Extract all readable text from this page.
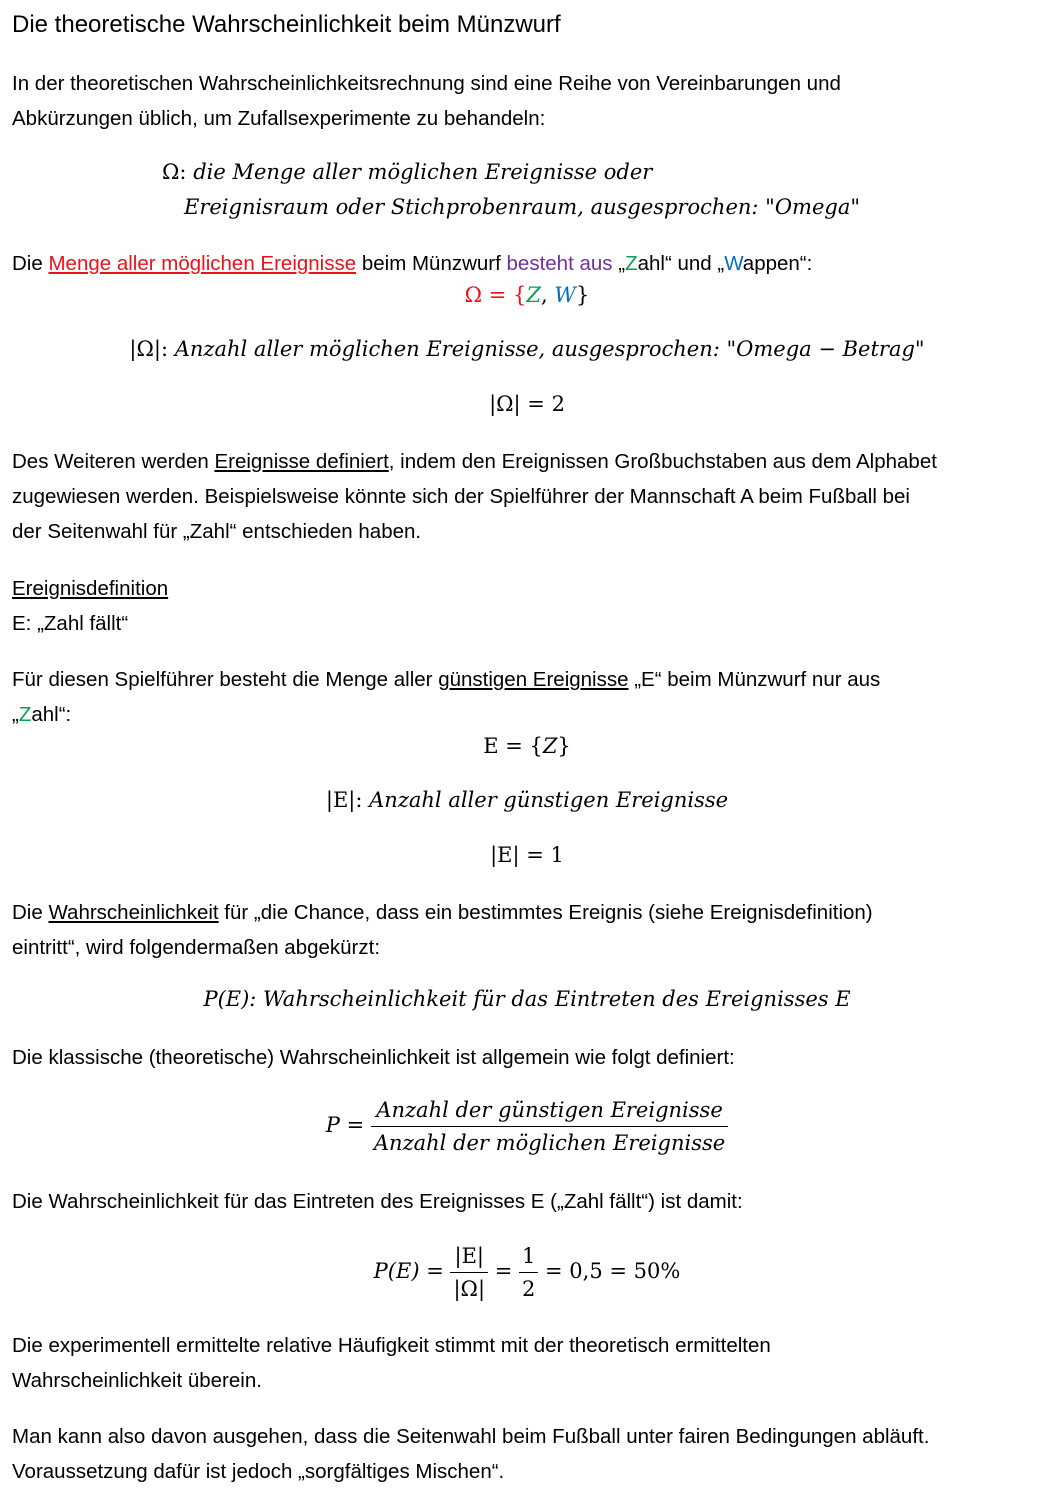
Die theoretische Wahrscheinlichkeit beim Münzwurf
In der theoretischen Wahrscheinlichkeitsrechnung sind eine Reihe von Vereinbarungen und
Abkürzungen üblich, um Zufallsexperimente zu behandeln:
Ω: die Menge aller möglichen Ereignisse oder
Ereignisraum oder Stichprobenraum, ausgesprochen: "Omega"
Die Menge aller möglichen Ereignisse beim Münzwurf besteht aus „Zahl“ und „Wappen“:
Ω = {Z, W}
|Ω|: Anzahl aller möglichen Ereignisse, ausgesprochen: "Omega − Betrag"
|Ω| = 2
Des Weiteren werden Ereignisse definiert, indem den Ereignissen Großbuchstaben aus dem Alphabet
zugewiesen werden. Beispielsweise könnte sich der Spielführer der Mannschaft A beim Fußball bei
der Seitenwahl für „Zahl“ entschieden haben.
Ereignisdefinition
E: „Zahl fällt“
Für diesen Spielführer besteht die Menge aller günstigen Ereignisse „E“ beim Münzwurf nur aus
„Zahl“:
E = {Z}
|E|: Anzahl aller günstigen Ereignisse
|E| = 1
Die Wahrscheinlichkeit für „die Chance, dass ein bestimmtes Ereignis (siehe Ereignisdefinition)
eintritt“, wird folgendermaßen abgekürzt:
P(E): Wahrscheinlichkeit für das Eintreten des Ereignisses E
Die klassische (theoretische) Wahrscheinlichkeit ist allgemein wie folgt definiert:
$P = \frac{\text{Anzahl der günstigen Ereignisse}}{\text{Anzahl der möglichen Ereignisse}}$
Die Wahrscheinlichkeit für das Eintreten des Ereignisses E („Zahl fällt“) ist damit:
$P(E) = \frac{|E|}{|\Omega|} = \frac{1}{2} = 0,5 = 50\%$
Die experimentell ermittelte relative Häufigkeit stimmt mit der theoretisch ermittelten
Wahrscheinlichkeit überein.
Man kann also davon ausgehen, dass die Seitenwahl beim Fußball unter fairen Bedingungen abläuft.
Voraussetzung dafür ist jedoch „sorgfältiges Mischen“.
